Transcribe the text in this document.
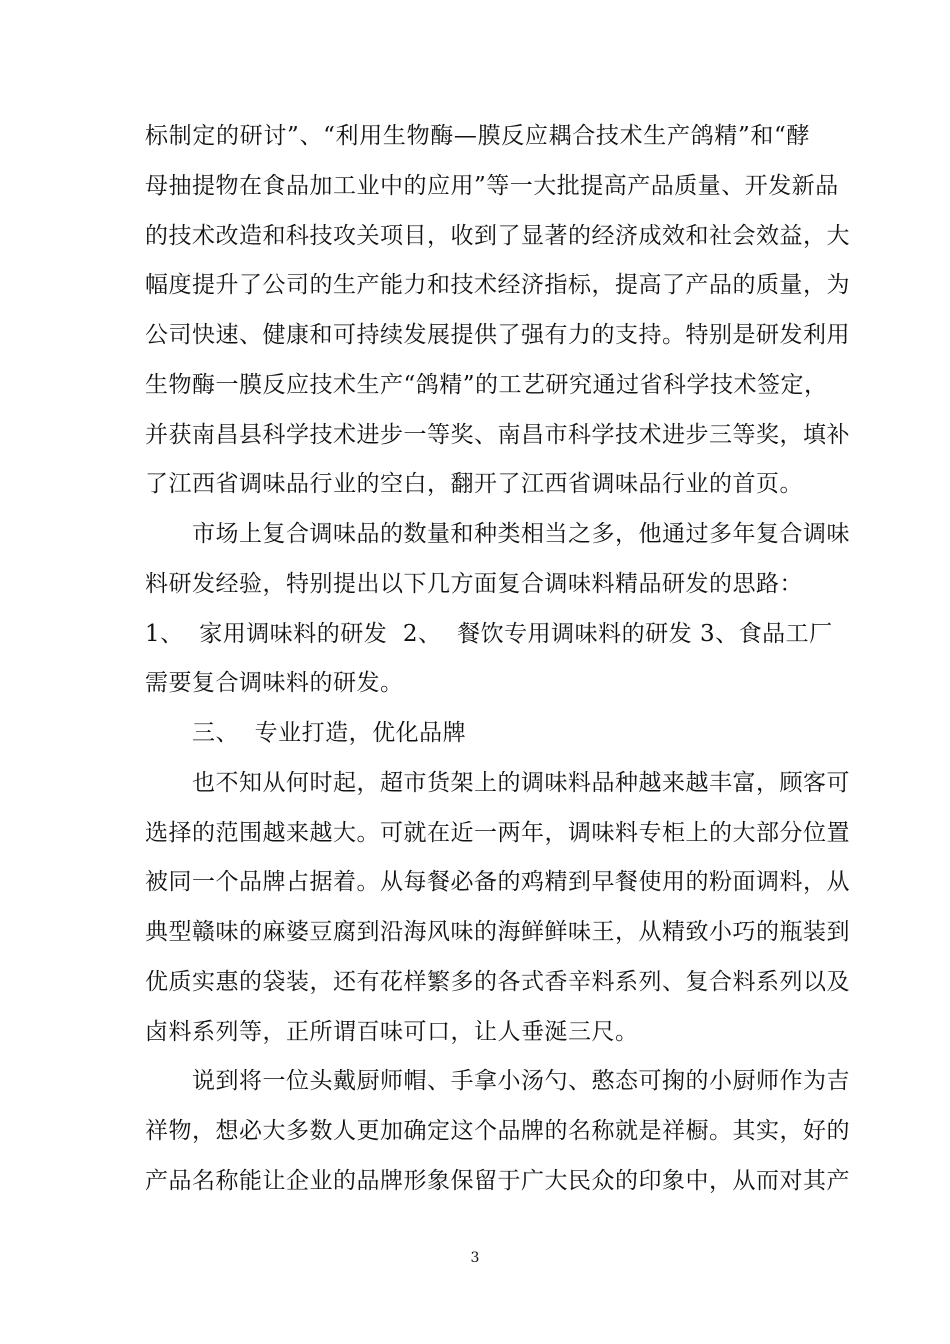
标制定的研讨”、“利用生物酶—膜反应耦合技术生产鸽精”和“酵
母抽提物在食品加工业中的应用”等一大批提高产品质量、开发新品
的技术改造和科技攻关项目，收到了显著的经济成效和社会效益，大
幅度提升了公司的生产能力和技术经济指标，提高了产品的质量，为
公司快速、健康和可持续发展提供了强有力的支持。特别是研发利用
生物酶一膜反应技术生产“鸽精”的工艺研究通过省科学技术签定，
并获南昌县科学技术进步一等奖、南昌市科学技术进步三等奖，填补
了江西省调味品行业的空白，翻开了江西省调味品行业的首页。
市场上复合调味品的数量和种类相当之多，他通过多年复合调味
料研发经验，特别提出以下几方面复合调味料精品研发的思路：
1、  家用调味料的研发  2、  餐饮专用调味料的研发 3、食品工厂
需要复合调味料的研发。
三、  专业打造，优化品牌
也不知从何时起，超市货架上的调味料品种越来越丰富，顾客可
选择的范围越来越大。可就在近一两年，调味料专柜上的大部分位置
被同一个品牌占据着。从每餐必备的鸡精到早餐使用的粉面调料，从
典型赣味的麻婆豆腐到沿海风味的海鲜鲜味王，从精致小巧的瓶装到
优质实惠的袋装，还有花样繁多的各式香辛料系列、复合料系列以及
卤料系列等，正所谓百味可口，让人垂涎三尺。
说到将一位头戴厨师帽、手拿小汤勺、憨态可掬的小厨师作为吉
祥物，想必大多数人更加确定这个品牌的名称就是祥橱。其实，好的
产品名称能让企业的品牌形象保留于广大民众的印象中，从而对其产
3
